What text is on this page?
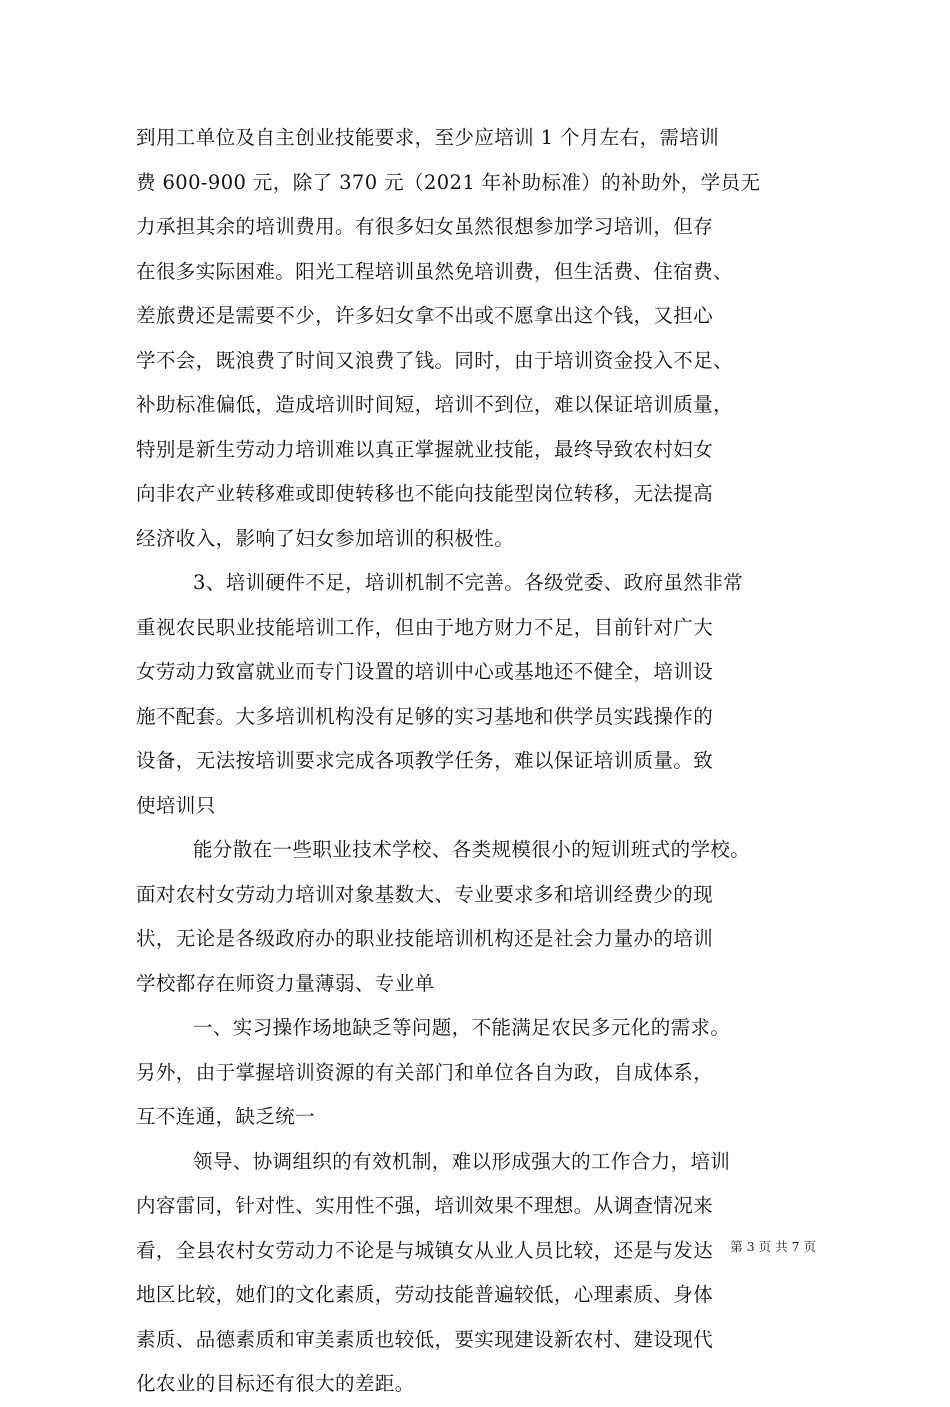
到用工单位及自主创业技能要求，至少应培训 1 个月左右，需培训
费 600-900 元，除了 370 元（2021 年补助标准）的补助外，学员无
力承担其余的培训费用。有很多妇女虽然很想参加学习培训，但存
在很多实际困难。阳光工程培训虽然免培训费，但生活费、住宿费、
差旅费还是需要不少，许多妇女拿不出或不愿拿出这个钱，又担心
学不会，既浪费了时间又浪费了钱。同时，由于培训资金投入不足、
补助标准偏低，造成培训时间短，培训不到位，难以保证培训质量，
特别是新生劳动力培训难以真正掌握就业技能，最终导致农村妇女
向非农产业转移难或即使转移也不能向技能型岗位转移，无法提高
经济收入，影响了妇女参加培训的积极性。
3、培训硬件不足，培训机制不完善。各级党委、政府虽然非常
重视农民职业技能培训工作，但由于地方财力不足，目前针对广大
女劳动力致富就业而专门设置的培训中心或基地还不健全，培训设
施不配套。大多培训机构没有足够的实习基地和供学员实践操作的
设备，无法按培训要求完成各项教学任务，难以保证培训质量。致
使培训只
能分散在一些职业技术学校、各类规模很小的短训班式的学校。
面对农村女劳动力培训对象基数大、专业要求多和培训经费少的现
状，无论是各级政府办的职业技能培训机构还是社会力量办的培训
学校都存在师资力量薄弱、专业单
一、实习操作场地缺乏等问题，不能满足农民多元化的需求。
另外，由于掌握培训资源的有关部门和单位各自为政，自成体系，
互不连通，缺乏统一
领导、协调组织的有效机制，难以形成强大的工作合力，培训
内容雷同，针对性、实用性不强，培训效果不理想。从调查情况来
看，全县农村女劳动力不论是与城镇女从业人员比较，还是与发达
地区比较，她们的文化素质，劳动技能普遍较低，心理素质、身体
素质、品德素质和审美素质也较低，要实现建设新农村、建设现代
化农业的目标还有很大的差距。
第 3 页 共 7 页
